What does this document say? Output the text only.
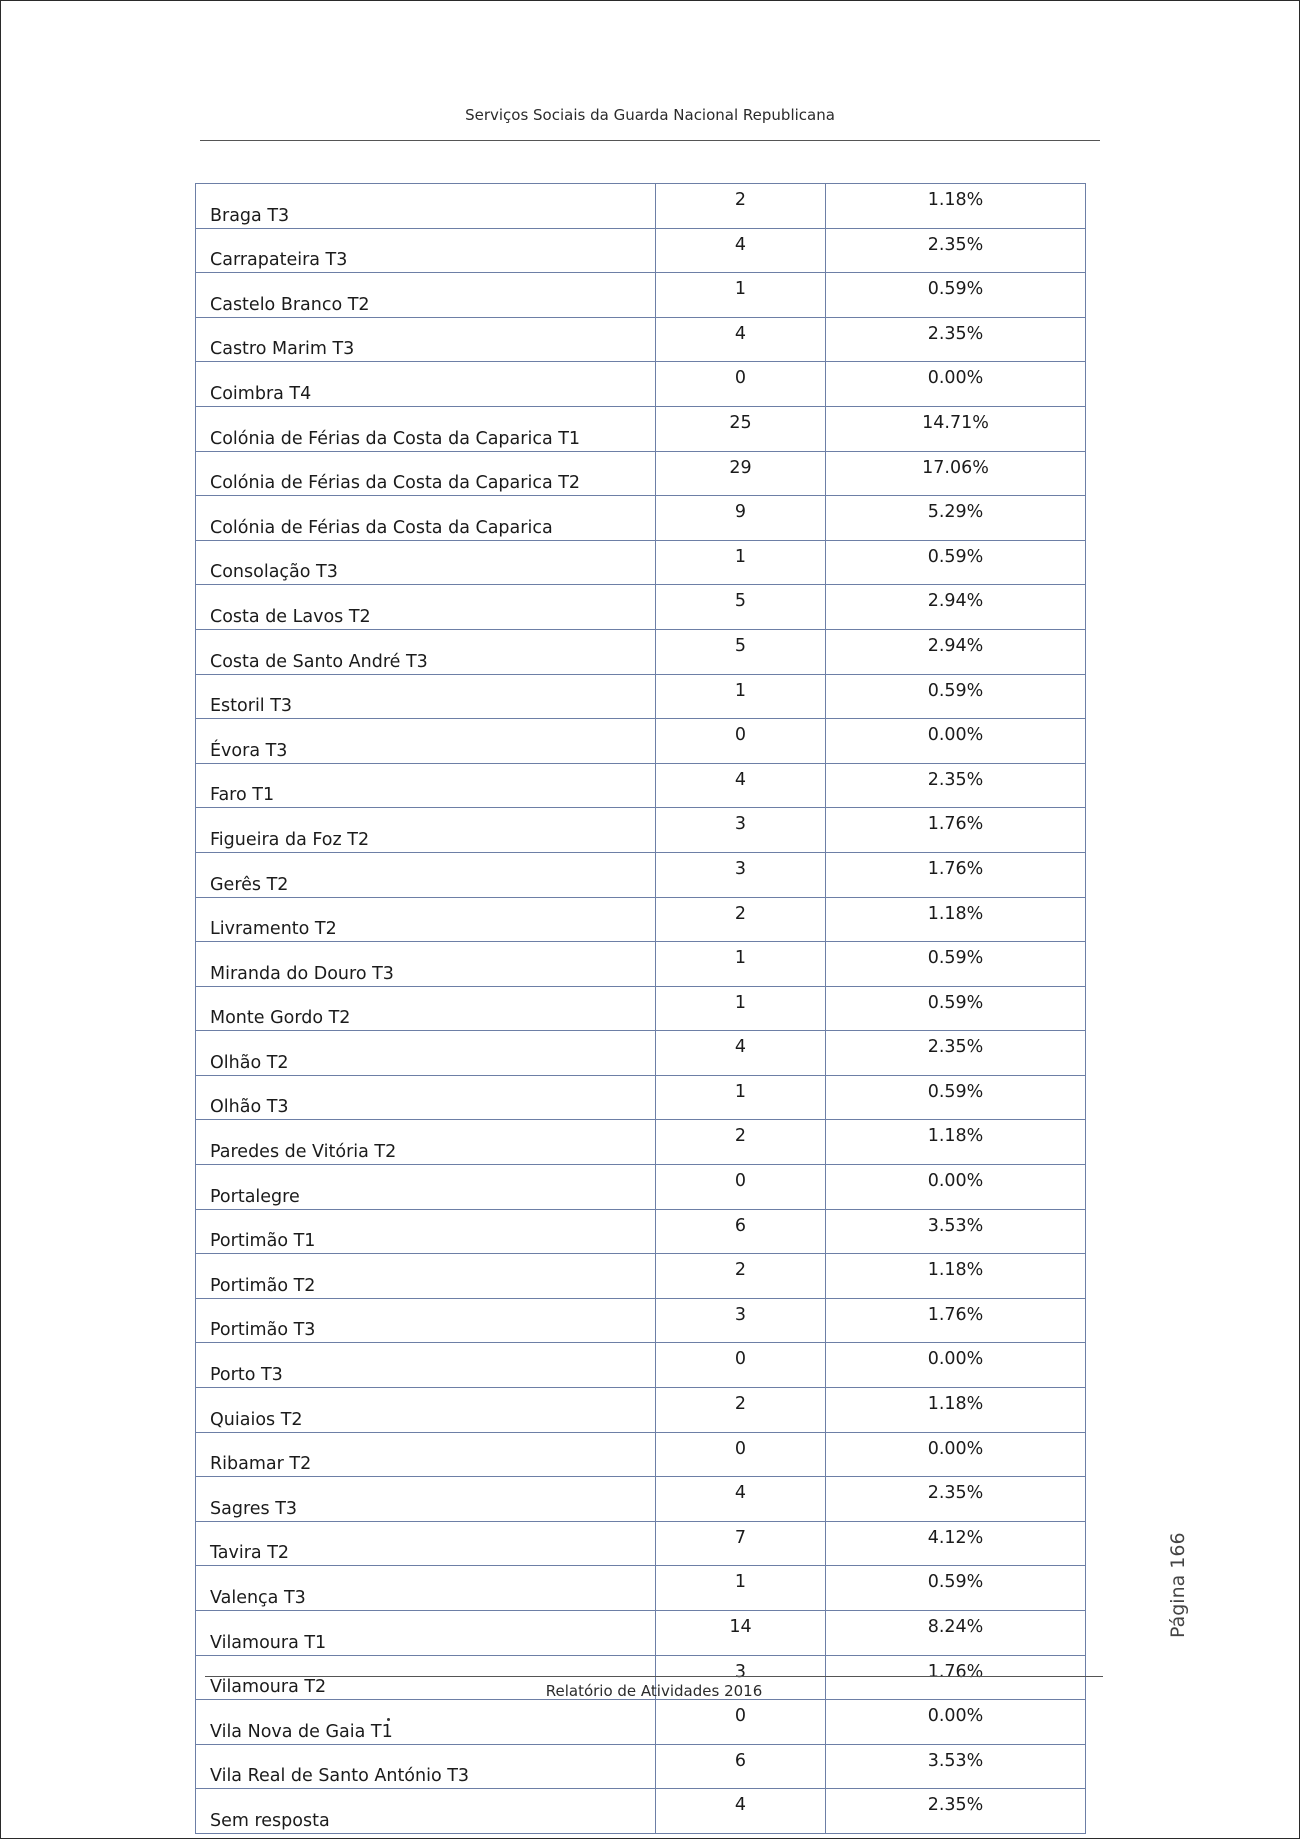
Serviços Sociais da Guarda Nacional Republicana
Braga T3	2	1.18%
Carrapateira T3	4	2.35%
Castelo Branco T2	1	0.59%
Castro Marim T3	4	2.35%
Coimbra T4	0	0.00%
Colónia de Férias da Costa da Caparica T1	25	14.71%
Colónia de Férias da Costa da Caparica T2	29	17.06%
Colónia de Férias da Costa da Caparica	9	5.29%
Consolação T3	1	0.59%
Costa de Lavos T2	5	2.94%
Costa de Santo André T3	5	2.94%
Estoril T3	1	0.59%
Évora T3	0	0.00%
Faro T1	4	2.35%
Figueira da Foz T2	3	1.76%
Gerês T2	3	1.76%
Livramento T2	2	1.18%
Miranda do Douro T3	1	0.59%
Monte Gordo T2	1	0.59%
Olhão T2	4	2.35%
Olhão T3	1	0.59%
Paredes de Vitória T2	2	1.18%
Portalegre	0	0.00%
Portimão T1	6	3.53%
Portimão T2	2	1.18%
Portimão T3	3	1.76%
Porto T3	0	0.00%
Quiaios T2	2	1.18%
Ribamar T2	0	0.00%
Sagres T3	4	2.35%
Tavira T2	7	4.12%
Valença T3	1	0.59%
Vilamoura T1	14	8.24%
Vilamoura T2	3	1.76%
Vila Nova de Gaia T1	0	0.00%
Vila Real de Santo António T3	6	3.53%
Sem resposta	4	2.35%
Relatório de Atividades 2016
Página 166
